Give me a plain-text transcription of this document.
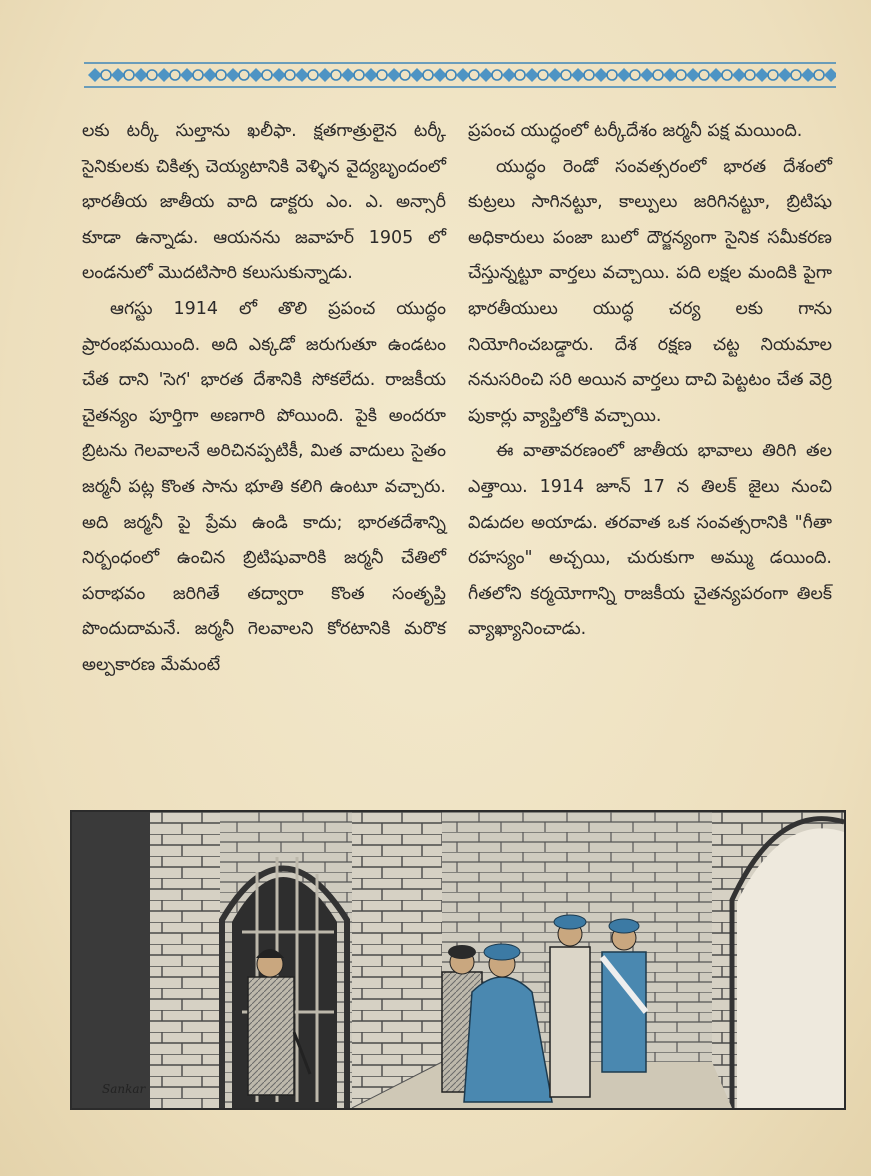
లకు టర్కీ సుల్తాను ఖలీఫా. క్షతగాత్రులైన టర్కీ సైనికులకు చికిత్స చెయ్యటానికి వెళ్ళిన వైద్యబృందంలో భారతీయ జాతీయ వాది డాక్టరు ఎం. ఎ. అన్సారీ కూడా ఉన్నాడు. ఆయనను జవాహర్ 1905 లో లండనులో మొదటిసారి కలుసుకున్నాడు.

ఆగస్టు 1914 లో తొలి ప్రపంచ యుద్ధం ప్రారంభమయింది. అది ఎక్కడో జరుగుతూ ఉండటం చేత దాని 'సెగ' భారత దేశానికి సోకలేదు. రాజకీయ చైతన్యం పూర్తిగా అణగారి పోయింది. పైకి అందరూ బ్రిటను గెలవాలనే అరిచినప్పటికీ, మిత వాదులు సైతం జర్మనీ పట్ల కొంత సాను భూతి కలిగి ఉంటూ వచ్చారు. అది జర్మనీ పై ప్రేమ ఉండి కాదు; భారతదేశాన్ని నిర్బంధంలో ఉంచిన బ్రిటిషువారికి జర్మనీ చేతిలో పరాభవం జరిగితే తద్వారా కొంత సంతృప్తి పొందుదామనే. జర్మనీ గెలవాలని కోరటానికి మరొక అల్పకారణ మేమంటే

ప్రపంచ యుద్ధంలో టర్కీదేశం జర్మనీ పక్ష మయింది.

యుద్ధం రెండో సంవత్సరంలో భారత దేశంలో కుట్రలు సాగినట్టూ, కాల్పులు జరిగినట్టూ, బ్రిటిషు అధికారులు పంజా బులో దౌర్జన్యంగా సైనిక సమీకరణ చేస్తున్నట్టూ వార్తలు వచ్చాయి. పది లక్షల మందికి పైగా భారతీయులు యుద్ధ చర్య లకు గాను నియోగించబడ్డారు. దేశ రక్షణ చట్ట నియమాల ననుసరించి సరి అయిన వార్తలు దాచి పెట్టటం చేత వెర్రి పుకార్లు వ్యాప్తిలోకి వచ్చాయి.

ఈ వాతావరణంలో జాతీయ భావాలు తిరిగి తల ఎత్తాయి. 1914 జూన్ 17 న తిలక్ జైలు నుంచి విడుదల అయాడు. తరవాత ఒక సంవత్సరానికి "గీతా రహస్యం" అచ్చయి, చురుకుగా అమ్ము డయింది. గీతలోని కర్మయోగాన్ని రాజకీయ చైతన్యపరంగా తిలక్ వ్యాఖ్యానించాడు.

Sankar
